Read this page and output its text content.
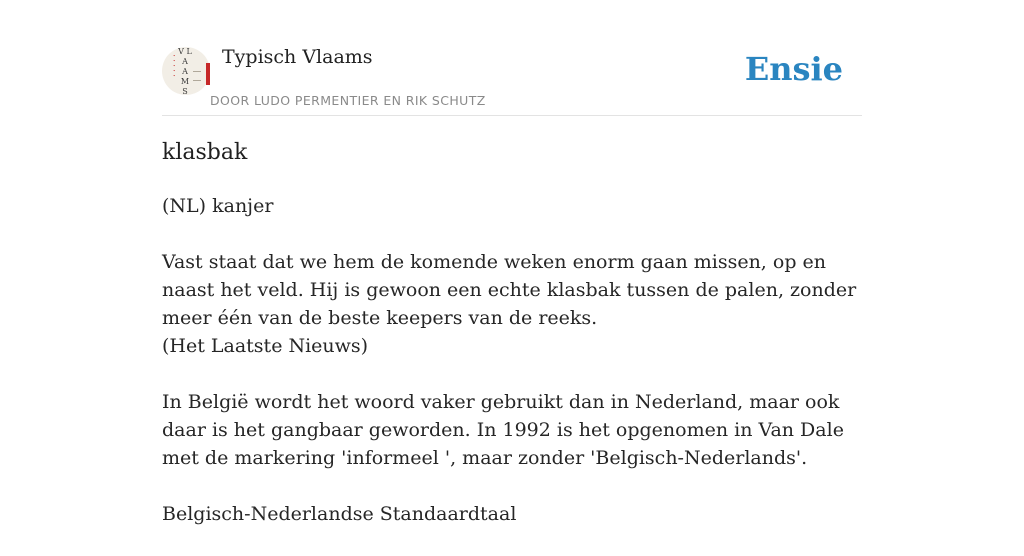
• • • • •
V L A A M S
Typisch Vlaams
DOOR LUDO PERMENTIER EN RIK SCHUTZ
Ensie
klasbak

(NL) kanjer

Vast staat dat we hem de komende weken enorm gaan missen, op en naast het veld. Hij is gewoon een echte klasbak tussen de palen, zonder meer één van de beste keepers van de reeks.
(Het Laatste Nieuws)

In België wordt het woord vaker gebruikt dan in Nederland, maar ook daar is het gangbaar geworden. In 1992 is het opgenomen in Van Dale met de markering 'informeel ', maar zonder 'Belgisch-Nederlands'.

Belgisch-Nederlandse Standaardtaal
